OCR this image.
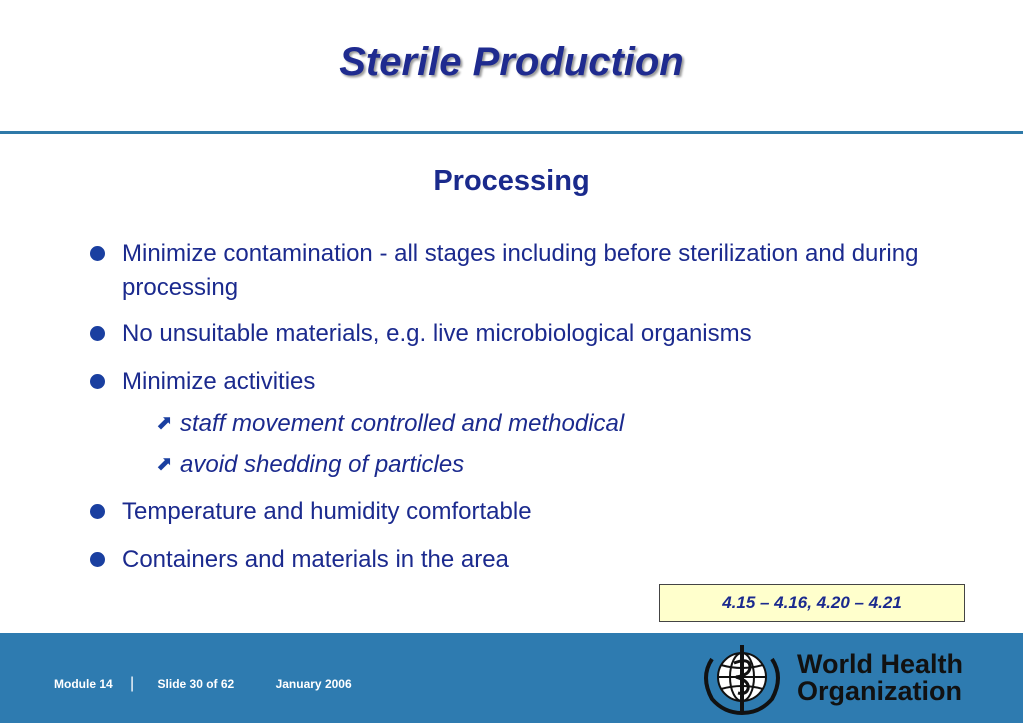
Sterile Production
Processing
Minimize contamination - all stages including before sterilization and during processing
No unsuitable materials, e.g. live microbiological organisms
Minimize activities
⬈ staff movement controlled and methodical
⬈ avoid shedding of particles
Temperature and humidity comfortable
Containers and materials in the area
4.15 – 4.16, 4.20 – 4.21
Module 14 | Slide 30 of 62	January 2006
World Health
Organization
